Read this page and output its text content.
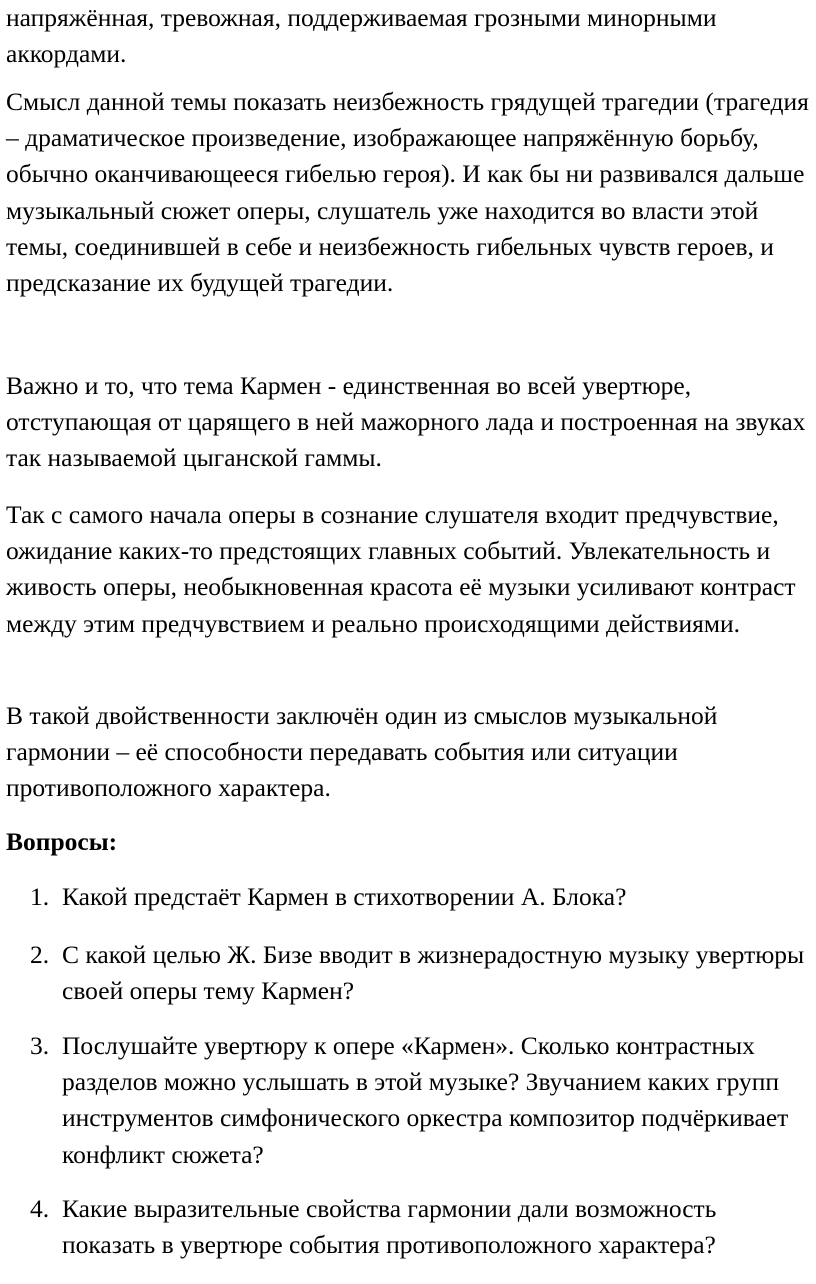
напряжённая, тревожная, поддерживаемая грозными минорными аккордами.

Смысл данной темы показать неизбежность грядущей трагедии (трагедия – драматическое произведение, изображающее напряжённую борьбу, обычно оканчивающееся гибелью героя). И как бы ни развивался дальше музыкальный сюжет оперы, слушатель уже находится во власти этой темы, соединившей в себе и неизбежность гибельных чувств героев, и предсказание их будущей трагедии.

Важно и то, что тема Кармен - единственная во всей увертюре, отступающая от царящего в ней мажорного лада и построенная на звуках так называемой цыганской гаммы.

Так с самого начала оперы в сознание слушателя входит предчувствие, ожидание каких-то предстоящих главных событий. Увлекательность и живость оперы, необыкновенная красота её музыки усиливают контраст между этим предчувствием и реально происходящими действиями.

В такой двойственности заключён один из смыслов музыкальной гармонии – её способности передавать события или ситуации противоположного характера.

Вопросы:

1. Какой предстаёт Кармен в стихотворении А. Блока?
2. С какой целью Ж. Бизе вводит в жизнерадостную музыку увертюры своей оперы тему Кармен?
3. Послушайте увертюру к опере «Кармен». Сколько контрастных разделов можно услышать в этой музыке? Звучанием каких групп инструментов симфонического оркестра композитор подчёркивает конфликт сюжета?
4. Какие выразительные свойства гармонии дали возможность показать в увертюре события противоположного характера?
